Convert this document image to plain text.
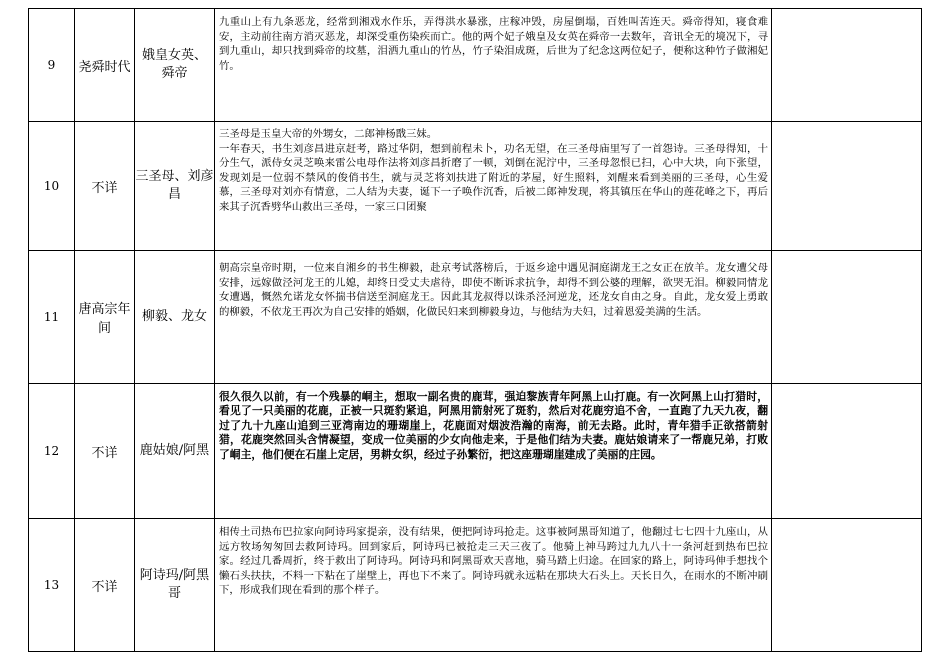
9	尧舜时代	娥皇女英、
舜帝	九重山上有九条恶龙，经常到湘戏水作乐，弄得洪水暴涨，庄稼冲毁，房屋倒塌，百姓叫苦连天。舜帝得知，寝食难安，主动前往南方消灭恶龙，却深受重伤染疾而亡。他的两个妃子娥皇及女英在舜帝一去数年，音讯全无的境况下，寻到九重山，却只找到舜帝的坟墓，泪洒九重山的竹丛，竹子染泪成斑，后世为了纪念这两位妃子，便称这种竹子做湘妃竹。	

10	不详	三圣母、刘彦昌	三圣母是玉皇大帝的外甥女，二郎神杨戬三妹。
一年春天，书生刘彦昌进京赶考，路过华阴，想到前程未卜，功名无望，在三圣母庙里写了一首怨诗。三圣母得知，十分生气，派侍女灵芝唤来雷公电母作法将刘彦昌折磨了一顿，刘倒在泥泞中，三圣母忽恨已扫，心中大块，向下张望，发现刘是一位弱不禁风的俊俏书生，就与灵芝将刘扶进了附近的茅屋，好生照料，刘醒来看到美丽的三圣母，心生爱慕，三圣母对刘亦有情意，二人结为夫妻，诞下一子唤作沉香，后被二郎神发现，将其镇压在华山的莲花峰之下，再后来其子沉香劈华山救出三圣母，一家三口团聚	

11	唐高宗年间	柳毅、龙女	朝高宗皇帝时期，一位来自湘乡的书生柳毅，赴京考试落榜后，于返乡途中遇见洞庭湖龙王之女正在放羊。龙女遭父母安排，远嫁做泾河龙王的儿媳，却终日受丈夫虐待，即使不断诉求抗争，却得不到公婆的理解，欲哭无泪。柳毅同情龙女遭遇，慨然允诺龙女怀揣书信送至洞庭龙王。因此其龙叔得以诛杀泾河逆龙，还龙女自由之身。自此，龙女爱上勇敢的柳毅，不依龙王再次为自己安排的婚姻，化做民妇来到柳毅身边，与他结为夫妇，过着恩爱美满的生活。	

12	不详	鹿姑娘/阿黑	很久很久以前，有一个残暴的峒主，想取一副名贵的鹿茸，强迫黎族青年阿黑上山打鹿。有一次阿黑上山打猎时，看见了一只美丽的花鹿，正被一只斑豹紧追，阿黑用箭射死了斑豹，然后对花鹿穷追不舍，一直跑了九天九夜，翻过了九十九座山追到三亚湾南边的珊瑚崖上，花鹿面对烟波浩瀚的南海，前无去路。此时，青年猎手正欲搭箭射猎，花鹿突然回头含情凝望，变成一位美丽的少女向他走来，于是他们结为夫妻。鹿姑娘请来了一帮鹿兄弟，打败了峒主，他们便在石崖上定居，男耕女织，经过子孙繁衍，把这座珊瑚崖建成了美丽的庄园。	

13	不详	阿诗玛/阿黑哥	相传土司热布巴拉家向阿诗玛家提亲，没有结果，便把阿诗玛抢走。这事被阿黑哥知道了，他翻过七七四十九座山，从远方牧场匆匆回去救阿诗玛。回到家后，阿诗玛已被抢走三天三夜了。他骑上神马跨过九九八十一条河赶到热布巴拉家。经过几番周折，终于救出了阿诗玛。阿诗玛和阿黑哥欢天喜地，骑马踏上归途。在回家的路上，阿诗玛伸手想找个懒石头扶扶，不料一下粘在了崖壁上，再也下不来了。阿诗玛就永远粘在那块大石头上。天长日久，在雨水的不断冲刷下，形成我们现在看到的那个样子。	
